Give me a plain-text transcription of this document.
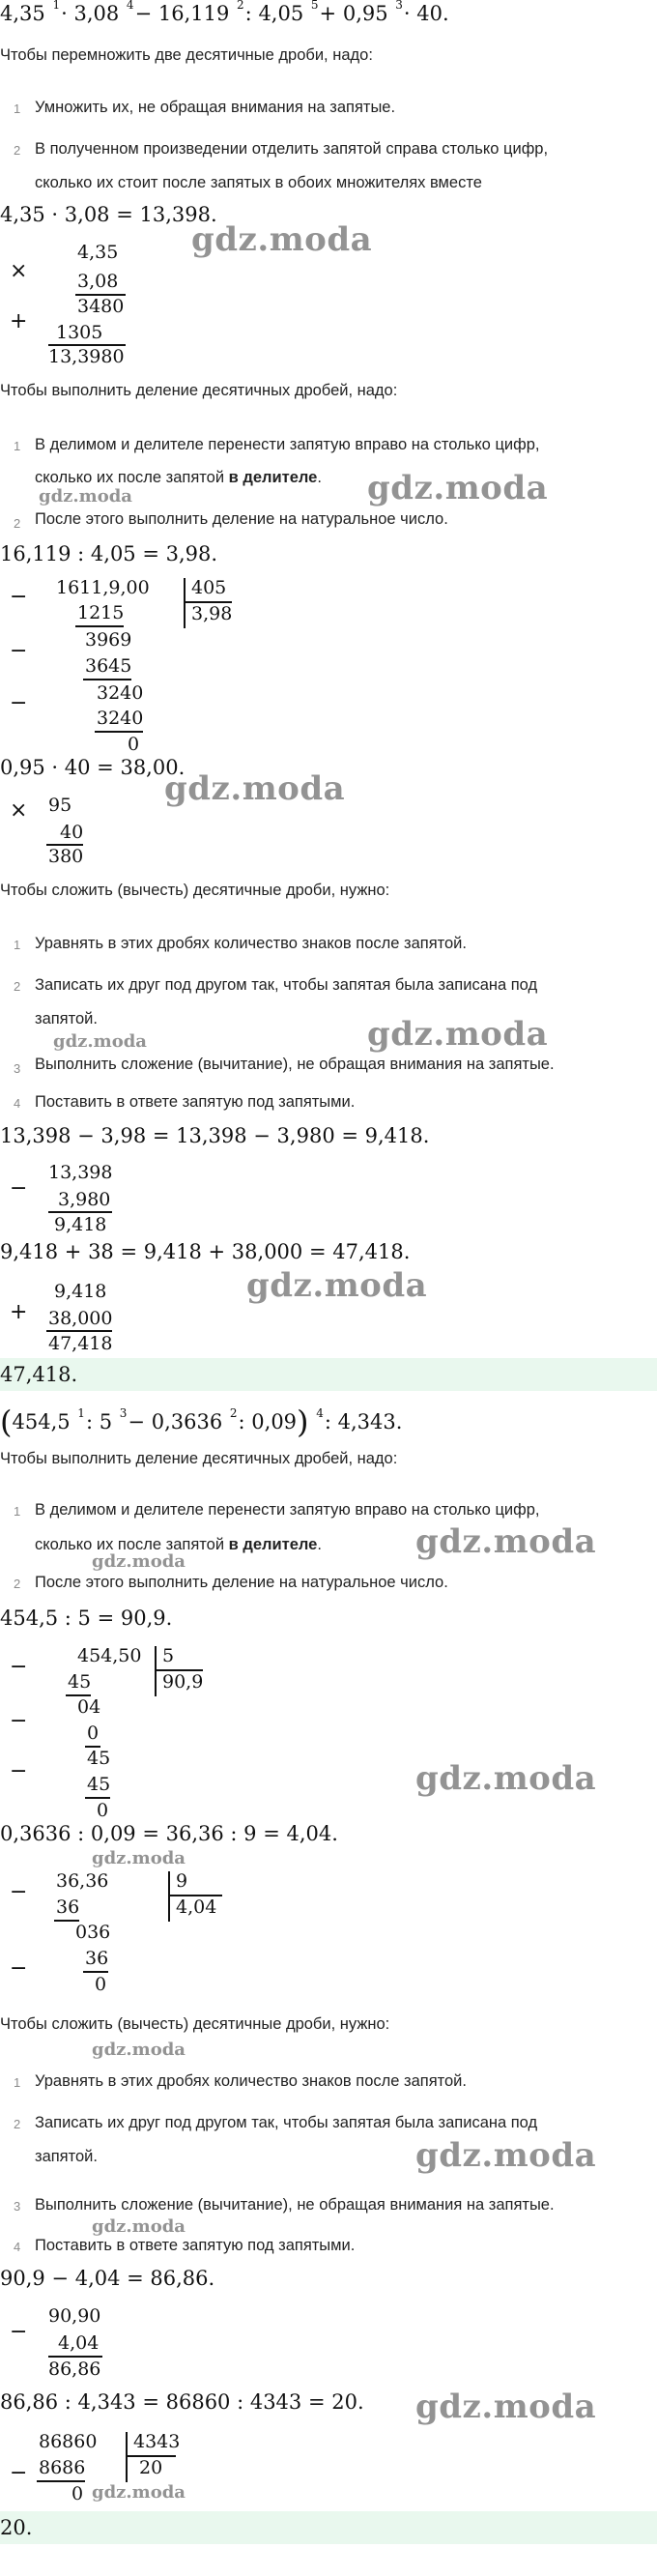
4,35 $^1$· 3,08 $^4$− 16,119 $^2$: 4,05 $^5$+ 0,95 $^3$· 40.
Чтобы перемножить две десятичные дроби, надо:
1 Умножить их, не обращая внимания на запятые.
2 В полученном произведении отделить запятой справа столько цифр,
сколько их стоит после запятых в обоих множителях вместе
4,35 · 3,08 = 13,398.
gdz.moda
×
4,35
3,08
3480
+ 1305
13,3980
Чтобы выполнить деление десятичных дробей, надо:
1 В делимом и делителе перенести запятую вправо на столько цифр,
сколько их после запятой в делителе. gdz.moda
gdz.moda
2 После этого выполнить деление на натуральное число.
16,119 : 4,05 = 3,98.
− 1611,9,00 405
3,98
1215
3969
−
3645
3240
−
3240
0
0,95 · 40 = 38,00.
gdz.moda
× 95
40
380
Чтобы сложить (вычесть) десятичные дроби, нужно:
1 Уравнять в этих дробях количество знаков после запятой.
2 Записать их друг под другом так, чтобы запятая была записана под
запятой.	gdz.moda
gdz.moda
3 Выполнить сложение (вычитание), не обращая внимания на запятые.
4 Поставить в ответе запятую под запятыми.
13,398 − 3,98 = 13,398 − 3,980 = 9,418.
−
13,398
3,980
9,418
9,418 + 38 = 9,418 + 38,000 = 47,418.
gdz.moda
+
9,418
38,000
47,418
47,418.
(454,5 $^1$: 5 $^3$− 0,3636 $^2$: 0,09) $^4$: 4,343.
Чтобы выполнить деление десятичных дробей, надо:
1 В делимом и делителе перенести запятую вправо на столько цифр,
сколько их после запятой в делителе.	gdz.moda
gdz.moda
2 После этого выполнить деление на натуральное число.
454,5 : 5 = 90,9.
−	454,50 5
90,9
45
04
−	0
45
−
45
0
gdz.moda
0,3636 : 0,09 = 36,36 : 9 = 4,04.
gdz.moda
− 36,36	9
4,04
36
036
−	36
0
Чтобы сложить (вычесть) десятичные дроби, нужно:
gdz.moda
1 Уравнять в этих дробях количество знаков после запятой.
2 Записать их друг под другом так, чтобы запятая была записана под
запятой.	gdz.moda
3 Выполнить сложение (вычитание), не обращая внимания на запятые.
gdz.moda
4 Поставить в ответе запятую под запятыми.
90,9 − 4,04 = 86,86.
−
90,90
4,04
86,86
86,86 : 4,343 = 86860 : 4343 = 20. gdz.moda
86860 4343
20
− 8686
0 gdz.moda
20.
